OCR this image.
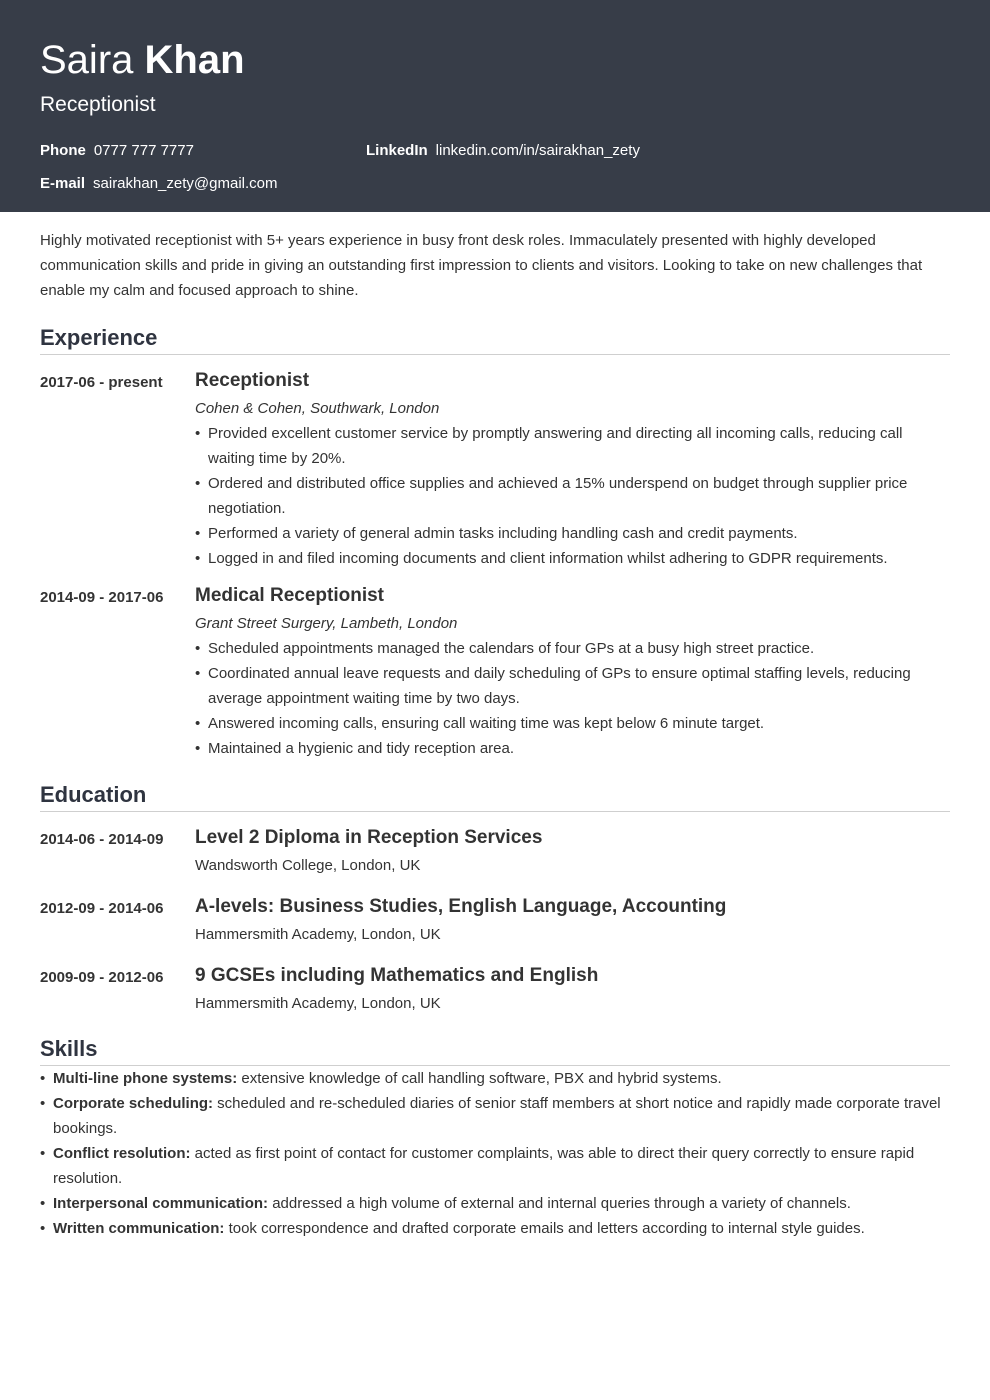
Saira Khan
Receptionist
Phone 0777 777 7777	LinkedIn linkedin.com/in/sairakhan_zety
E-mail sairakhan_zety@gmail.com

Highly motivated receptionist with 5+ years experience in busy front desk roles. Immaculately presented with highly developed communication skills and pride in giving an outstanding first impression to clients and visitors. Looking to take on new challenges that enable my calm and focused approach to shine.

Experience
2017-06 - present	Receptionist
Cohen & Cohen, Southwark, London
• Provided excellent customer service by promptly answering and directing all incoming calls, reducing call waiting time by 20%.
• Ordered and distributed office supplies and achieved a 15% underspend on budget through supplier price negotiation.
• Performed a variety of general admin tasks including handling cash and credit payments.
• Logged in and filed incoming documents and client information whilst adhering to GDPR requirements.
2014-09 - 2017-06	Medical Receptionist
Grant Street Surgery, Lambeth, London
• Scheduled appointments managed the calendars of four GPs at a busy high street practice.
• Coordinated annual leave requests and daily scheduling of GPs to ensure optimal staffing levels, reducing average appointment waiting time by two days.
• Answered incoming calls, ensuring call waiting time was kept below 6 minute target.
• Maintained a hygienic and tidy reception area.
Education
2014-06 - 2014-09	Level 2 Diploma in Reception Services
Wandsworth College, London, UK
2012-09 - 2014-06	A-levels: Business Studies, English Language, Accounting
Hammersmith Academy, London, UK
2009-09 - 2012-06	9 GCSEs including Mathematics and English
Hammersmith Academy, London, UK
Skills
• Multi-line phone systems: extensive knowledge of call handling software, PBX and hybrid systems.
• Corporate scheduling: scheduled and re-scheduled diaries of senior staff members at short notice and rapidly made corporate travel bookings.
• Conflict resolution: acted as first point of contact for customer complaints, was able to direct their query correctly to ensure rapid resolution.
• Interpersonal communication: addressed a high volume of external and internal queries through a variety of channels.
• Written communication: took correspondence and drafted corporate emails and letters according to internal style guides.
